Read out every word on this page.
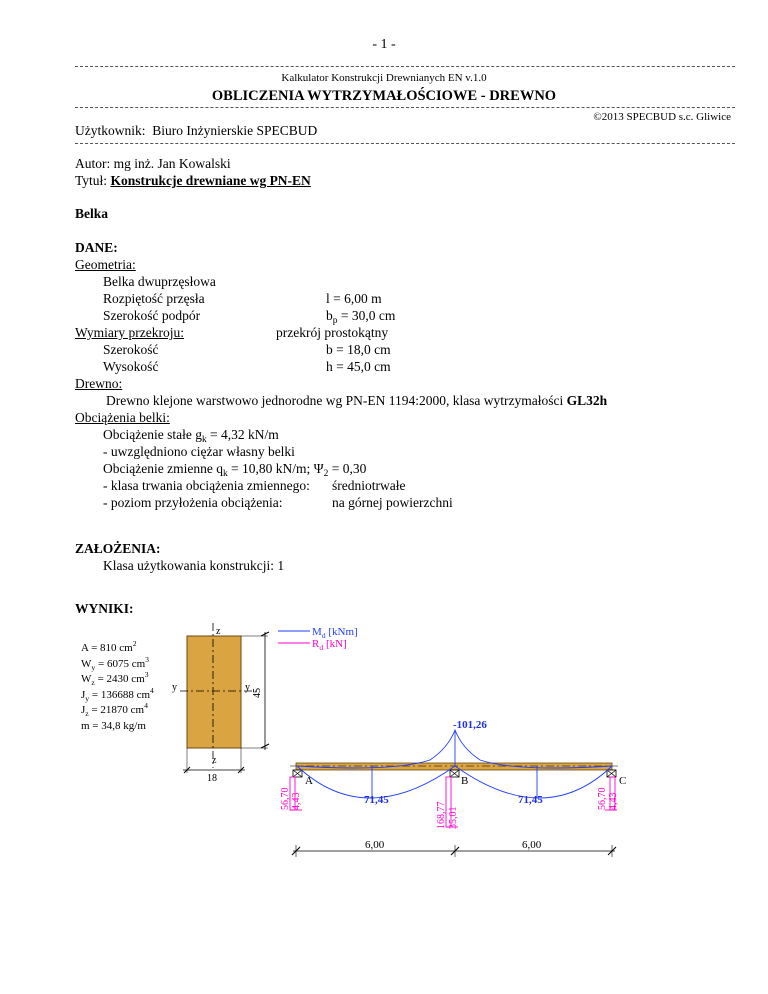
- 1 -
Kalkulator Konstrukcji Drewnianych EN v.1.0
OBLICZENIA WYTRZYMAŁOŚCIOWE - DREWNO
©2013 SPECBUD s.c. Gliwice
Użytkownik: Biuro Inżynierskie SPECBUD
Autor: mg inż. Jan Kowalski
Tytuł: Konstrukcje drewniane wg PN-EN
Belka
DANE:
Geometria:
Belka dwuprzęsłowa
Rozpiętość przęsła	l = 6,00 m
Szerokość podpór	$b_p = 30,0$ cm
Wymiary przekroju:	przekrój prostokątny
Szerokość	b = 18,0 cm
Wysokość	h = 45,0 cm
Drewno:
Drewno klejone warstwowo jednorodne wg PN-EN 1194:2000, klasa wytrzymałości GL32h
Obciążenia belki:
Obciążenie stałe $g_k = 4,32$ kN/m
- uwzględniono ciężar własny belki
Obciążenie zmienne $q_k = 10,80$ kN/m; $\Psi_2 = 0,30$
- klasa trwania obciążenia zmiennego: średniotrwałe
- poziom przyłożenia obciążenia:	na górnej powierzchni
ZAŁOŻENIA:
Klasa użytkowania konstrukcji: 1
WYNIKI:
A = 810 $cm^2$
$W_y = 6075$ $cm^3$
$W_z = 2430$ $cm^3$
$J_y = 136688$ $cm^4$
$J_z = 21870$ $cm^4$
m = 34,8 kg/m
$M_d$ [kNm]
$R_d$ [kN]
z
z
y	y 45
18	A	B	C
-101,26
71,45	71,45
56,70 4,43
168,77 35,01
56,70 4,43
6,00	6,00
